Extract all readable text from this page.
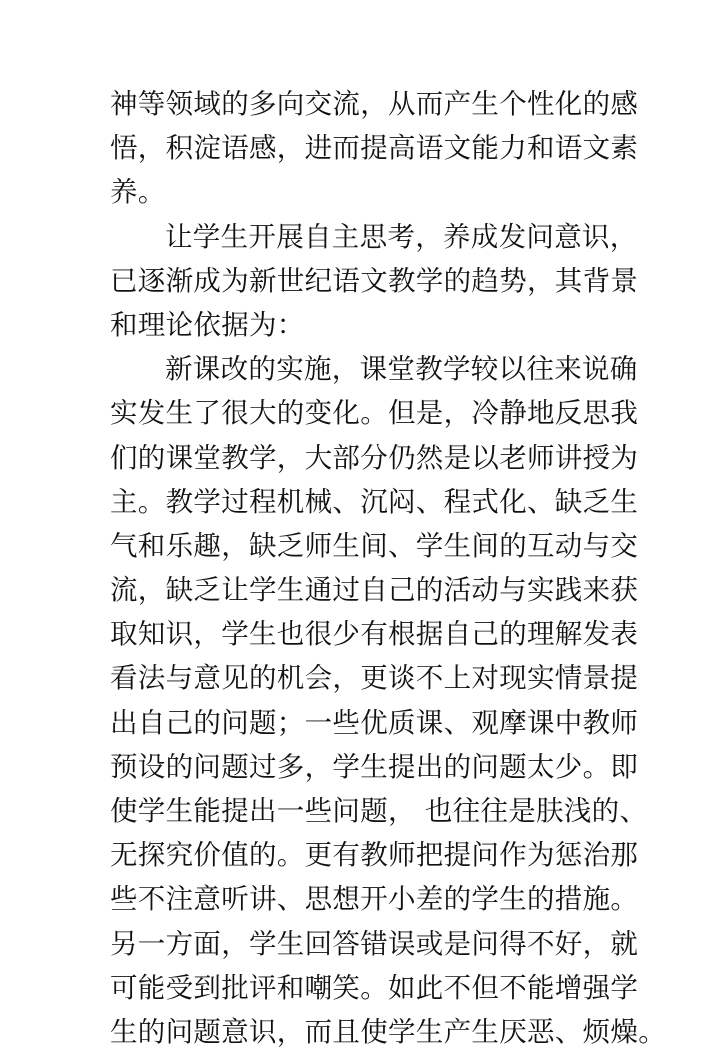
神等领域的多向交流，从而产生个性化的感
悟，积淀语感，进而提高语文能力和语文素
养。
让学生开展自主思考，养成发问意识，
已逐渐成为新世纪语文教学的趋势，其背景
和理论依据为：
新课改的实施，课堂教学较以往来说确
实发生了很大的变化。但是，冷静地反思我
们的课堂教学，大部分仍然是以老师讲授为
主。教学过程机械、沉闷、程式化、缺乏生
气和乐趣，缺乏师生间、学生间的互动与交
流，缺乏让学生通过自己的活动与实践来获
取知识，学生也很少有根据自己的理解发表
看法与意见的机会，更谈不上对现实情景提
出自己的问题；一些优质课、观摩课中教师
预设的问题过多，学生提出的问题太少。即
使学生能提出一些问题， 也往往是肤浅的、
无探究价值的。更有教师把提问作为惩治那
些不注意听讲、思想开小差的学生的措施。
另一方面，学生回答错误或是问得不好，就
可能受到批评和嘲笑。如此不但不能增强学
生的问题意识，而且使学生产生厌恶、烦燥。
